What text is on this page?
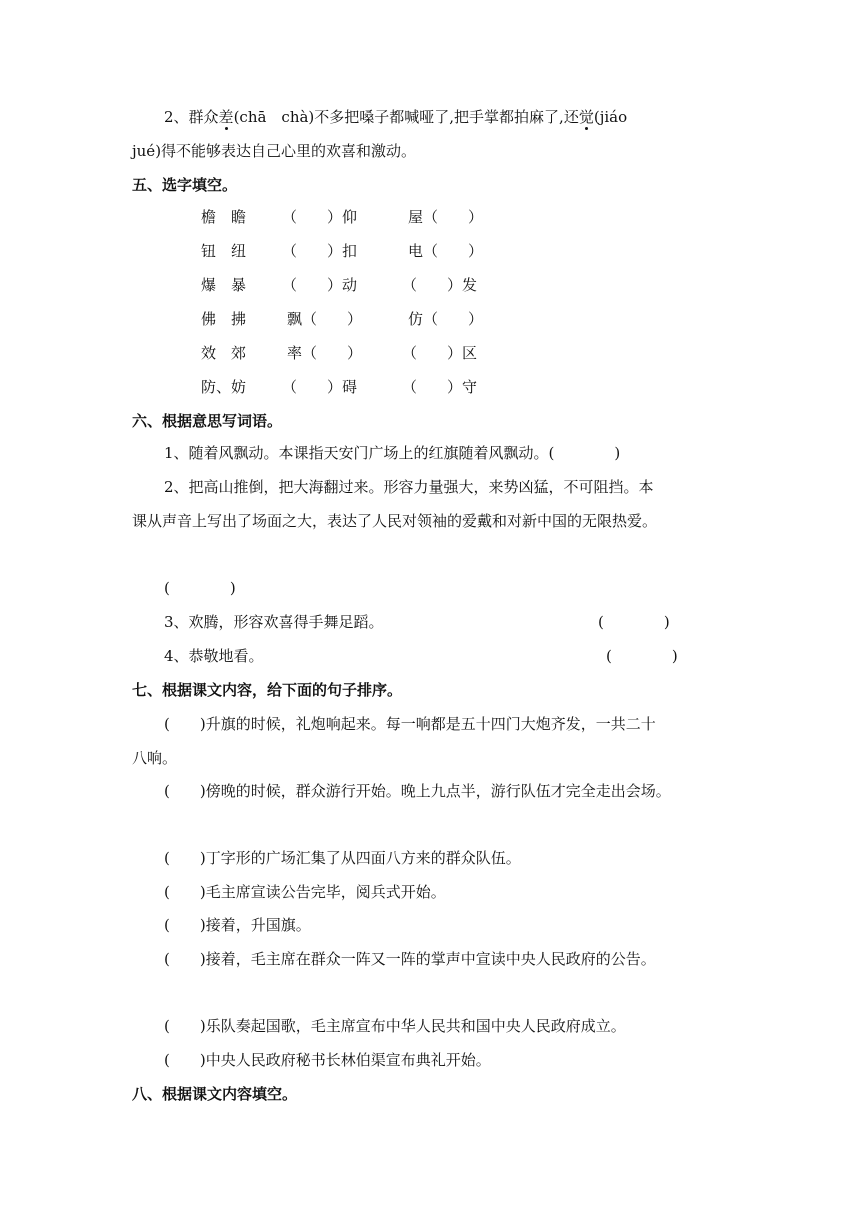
2、群众差(chā　chà)不多把嗓子都喊哑了,把手掌都拍麻了,还觉(jiáo
jué)得不能够表达自己心里的欢喜和激动。
五、选字填空。
檐　瞻 （　　）仰	屋（　　）
钮　纽 （　　）扣	电（　　）
爆　暴 （　　）动	（　　）发
佛　拂	飘（　　）	仿（　　）
效　郊	率（　　）	（　　）区
防、妨 （　　）碍	（　　）守
六、根据意思写词语。
1、随着风飘动。本课指天安门广场上的红旗随着风飘动。(　　　　)
2、把高山推倒，把大海翻过来。形容力量强大，来势凶猛，不可阻挡。本
课从声音上写出了场面之大，表达了人民对领袖的爱戴和对新中国的无限热爱。
(　　　　)
3、欢腾，形容欢喜得手舞足蹈。	(　　　　)
4、恭敬地看。	(　　　　)
七、根据课文内容，给下面的句子排序。
(　　)升旗的时候，礼炮响起来。每一响都是五十四门大炮齐发，一共二十
八响。
(　　)傍晚的时候，群众游行开始。晚上九点半，游行队伍才完全走出会场。
(　　)丁字形的广场汇集了从四面八方来的群众队伍。
(　　)毛主席宣读公告完毕，阅兵式开始。
(　　)接着，升国旗。
(　　)接着，毛主席在群众一阵又一阵的掌声中宣读中央人民政府的公告。
(　　)乐队奏起国歌，毛主席宣布中华人民共和国中央人民政府成立。
(　　)中央人民政府秘书长林伯渠宣布典礼开始。
八、根据课文内容填空。
